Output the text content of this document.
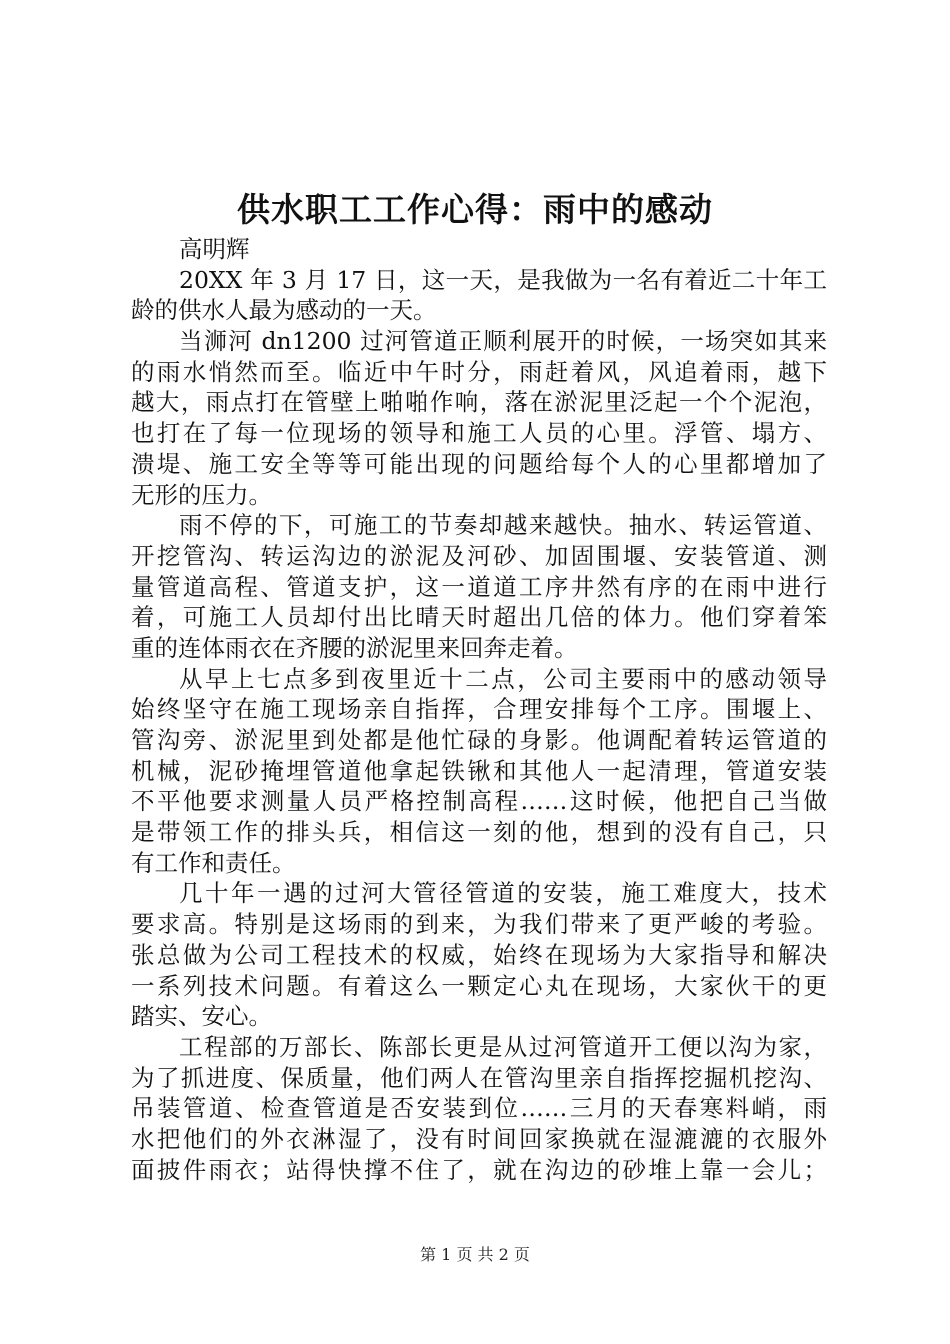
供水职工工作心得：雨中的感动
高明辉
20XX 年 3 月 17 日，这一天，是我做为一名有着近二十年工
龄的供水人最为感动的一天。
当浉河 dn1200 过河管道正顺利展开的时候，一场突如其来
的雨水悄然而至。临近中午时分，雨赶着风，风追着雨，越下
越大，雨点打在管壁上啪啪作响，落在淤泥里泛起一个个泥泡，
也打在了每一位现场的领导和施工人员的心里。浮管、塌方、
溃堤、施工安全等等可能出现的问题给每个人的心里都增加了
无形的压力。
雨不停的下，可施工的节奏却越来越快。抽水、转运管道、
开挖管沟、转运沟边的淤泥及河砂、加固围堰、安装管道、测
量管道高程、管道支护，这一道道工序井然有序的在雨中进行
着，可施工人员却付出比晴天时超出几倍的体力。他们穿着笨
重的连体雨衣在齐腰的淤泥里来回奔走着。
从早上七点多到夜里近十二点，公司主要雨中的感动领导
始终坚守在施工现场亲自指挥，合理安排每个工序。围堰上、
管沟旁、淤泥里到处都是他忙碌的身影。他调配着转运管道的
机械，泥砂掩埋管道他拿起铁锹和其他人一起清理，管道安装
不平他要求测量人员严格控制高程……这时候，他把自己当做
是带领工作的排头兵，相信这一刻的他，想到的没有自己，只
有工作和责任。
几十年一遇的过河大管径管道的安装，施工难度大，技术
要求高。特别是这场雨的到来，为我们带来了更严峻的考验。
张总做为公司工程技术的权威，始终在现场为大家指导和解决
一系列技术问题。有着这么一颗定心丸在现场，大家伙干的更
踏实、安心。
工程部的万部长、陈部长更是从过河管道开工便以沟为家，
为了抓进度、保质量，他们两人在管沟里亲自指挥挖掘机挖沟、
吊装管道、检查管道是否安装到位……三月的天春寒料峭，雨
水把他们的外衣淋湿了，没有时间回家换就在湿漉漉的衣服外
面披件雨衣；站得快撑不住了，就在沟边的砂堆上靠一会儿；
第 1 页 共 2 页
